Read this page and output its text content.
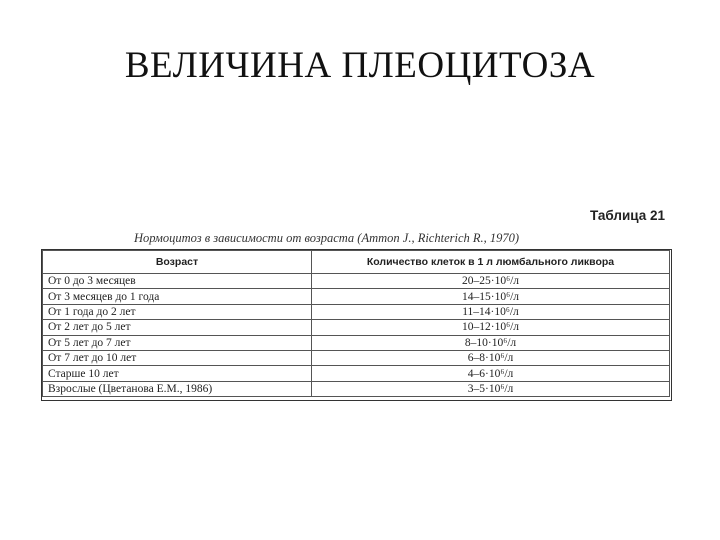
ВЕЛИЧИНА ПЛЕОЦИТОЗА
Таблица 21
Нормоцитоз в зависимости от возраста (Ammon J., Richterich R., 1970)
Возраст	Количество клеток в 1 л люмбального ликвора
От 0 до 3 месяцев	20–25·10⁶/л
От 3 месяцев до 1 года	14–15·10⁶/л
От 1 года до 2 лет	11–14·10⁶/л
От 2 лет до 5 лет	10–12·10⁶/л
От 5 лет до 7 лет	8–10·10⁶/л
От 7 лет до 10 лет	6–8·10⁶/л
Старше 10 лет	4–6·10⁶/л
Взрослые (Цветанова Е.М., 1986)	3–5·10⁶/л
